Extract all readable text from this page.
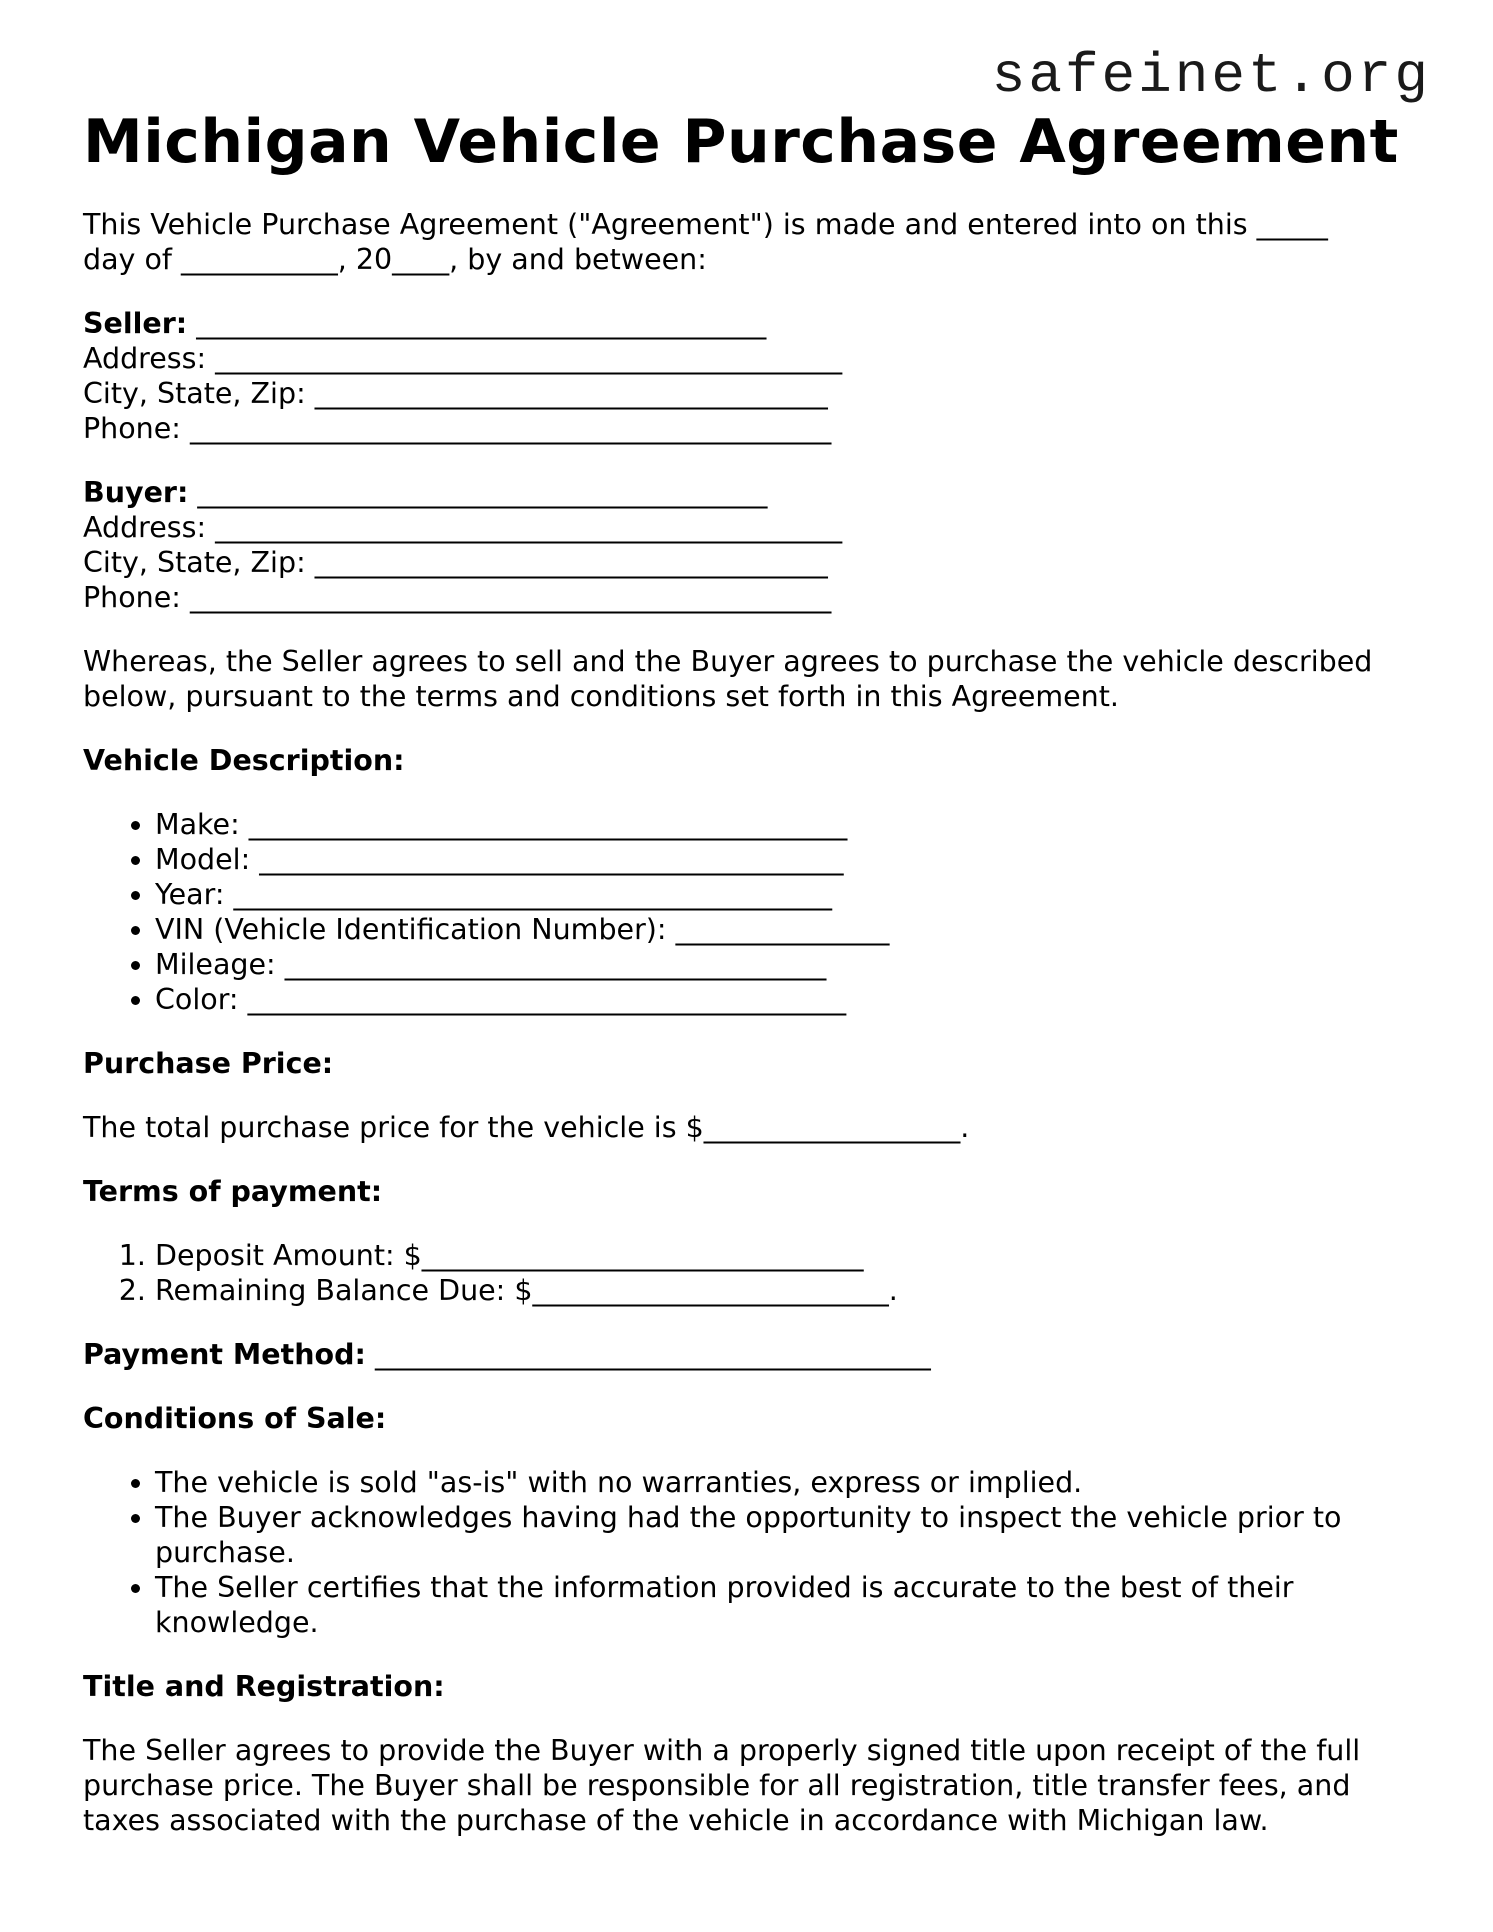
safeinet.org
Michigan Vehicle Purchase Agreement

This Vehicle Purchase Agreement ("Agreement") is made and entered into on this _____

day of ___________, 20____, by and between:

Seller: ________________________________________

Address: ____________________________________________

City, State, Zip: ____________________________________

Phone: _____________________________________________

Buyer: ________________________________________

Address: ____________________________________________

City, State, Zip: ____________________________________

Phone: _____________________________________________

Whereas, the Seller agrees to sell and the Buyer agrees to purchase the vehicle described

below, pursuant to the terms and conditions set forth in this Agreement.

Vehicle Description:

• Make: __________________________________________
• Model: _________________________________________
• Year: __________________________________________
• VIN (Vehicle Identification Number): _______________
• Mileage: ______________________________________
• Color: __________________________________________

Purchase Price:

The total purchase price for the vehicle is $__________________.

Terms of payment:

1. Deposit Amount: $_______________________________
2. Remaining Balance Due: $_________________________.

Payment Method: _______________________________________

Conditions of Sale:

• The vehicle is sold "as-is" with no warranties, express or implied.
• The Buyer acknowledges having had the opportunity to inspect the vehicle prior to purchase.
• The Seller certifies that the information provided is accurate to the best of their knowledge.

Title and Registration:

The Seller agrees to provide the Buyer with a properly signed title upon receipt of the full

purchase price. The Buyer shall be responsible for all registration, title transfer fees, and

taxes associated with the purchase of the vehicle in accordance with Michigan law.
